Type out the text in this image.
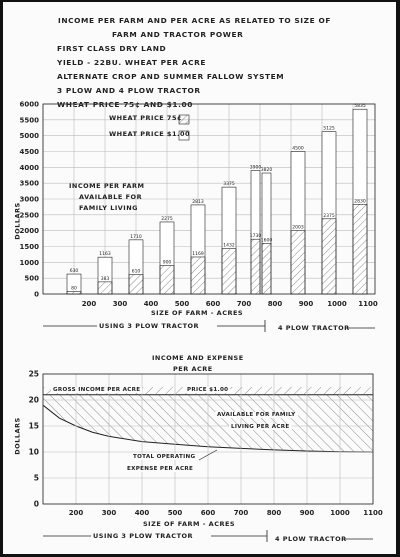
INCOME PER FARM AND PER ACRE AS RELATED TO SIZE OF
FARM AND TRACTOR POWER
FIRST CLASS DRY LAND
YIELD - 22BU. WHEAT PER ACRE
ALTERNATE CROP AND SUMMER FALLOW SYSTEM
3 PLOW AND 4 PLOW TRACTOR
WHEAT PRICE 75¢ AND $1.00
0
500
1000
1500
2000
2500
3000
3500
4000
4500
5000
5500
6000
200 300 400 500 600 700 800 900 1000 1100
630
80
1163
383
1710
610
2275
900
2813
1169
3375
1432
3900
1730
3820
1600
4500
2003
5125
2375
5835
2830
0
5
10
15
20
25
200	300	400	500	600	700	800	900 1000 1100
WHEAT PRICE 75¢
WHEAT PRICE $1.00
INCOME PER FARM
AVAILABLE FOR
FAMILY LIVING
DOLLARS
SIZE OF FARM - ACRES
USING 3 PLOW TRACTOR	4 PLOW TRACTOR
INCOME AND EXPENSE
PER ACRE
GROSS INCOME PER ACRE	PRICE $1.00
AVAILABLE FOR FAMILY
LIVING PER ACRE
TOTAL OPERATING
EXPENSE PER ACRE
DOLLARS
SIZE OF FARM - ACRES
USING 3 PLOW TRACTOR	4 PLOW TRACTOR
